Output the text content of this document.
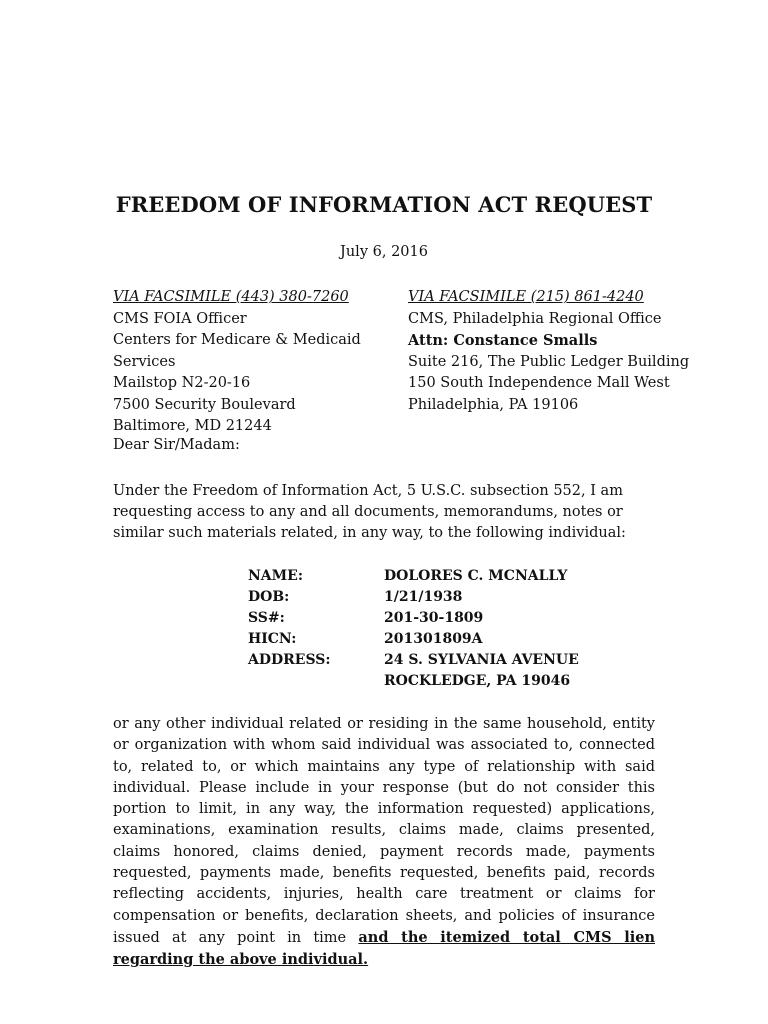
FREEDOM OF INFORMATION ACT REQUEST
July 6, 2016
VIA FACSIMILE (443) 380-7260
CMS FOIA Officer
Centers for Medicare & Medicaid Services
Mailstop N2-20-16
7500 Security Boulevard
Baltimore, MD 21244
VIA FACSIMILE (215) 861-4240
CMS, Philadelphia Regional Office
Attn: Constance Smalls
Suite 216, The Public Ledger Building
150 South Independence Mall West
Philadelphia, PA 19106
Dear Sir/Madam:
Under the Freedom of Information Act, 5 U.S.C. subsection 552, I am requesting access to any and all documents, memorandums, notes or similar such materials related, in any way, to the following individual:
NAME:	DOLORES C. MCNALLY
DOB:	1/21/1938
SS#:	201-30-1809
HICN:	201301809A
ADDRESS:	24 S. SYLVANIA AVENUE
ROCKLEDGE, PA 19046
or any other individual related or residing in the same household, entity or organization with whom said individual was associated to, connected to, related to, or which maintains any type of relationship with said individual. Please include in your response (but do not consider this portion to limit, in any way, the information requested) applications, examinations, examination results, claims made, claims presented, claims honored, claims denied, payment records made, payments requested, payments made, benefits requested, benefits paid, records reflecting accidents, injuries, health care treatment or claims for compensation or benefits, declaration sheets, and policies of insurance issued at any point in time and the itemized total CMS lien regarding the above individual.
